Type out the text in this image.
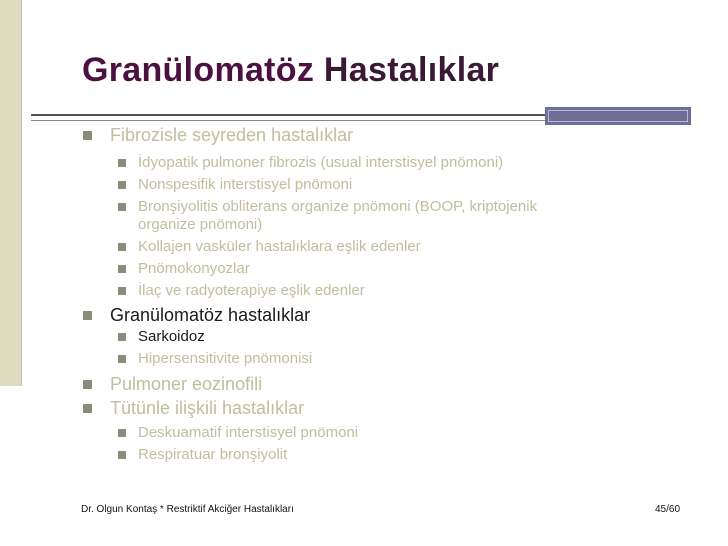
Granülomatöz Hastalıklar
Fibrozisle seyreden hastalıklar
İdyopatik pulmoner fibrozis (usual interstisyel pnömoni)
Nonspesifik interstisyel pnömoni
Bronşiyolitis obliterans organize pnömoni (BOOP, kriptojenik
organize pnömoni)
Kollajen vasküler hastalıklara eşlik edenler
Pnömokonyozlar
İlaç ve radyoterapiye eşlik edenler
Granülomatöz hastalıklar
Sarkoidoz
Hipersensitivite pnömonisi
Pulmoner eozinofili
Tütünle ilişkili hastalıklar
Deskuamatif interstisyel pnömoni
Respiratuar bronşiyolit
Dr. Olgun Kontaş * Restriktif Akciğer Hastalıkları	45/60
